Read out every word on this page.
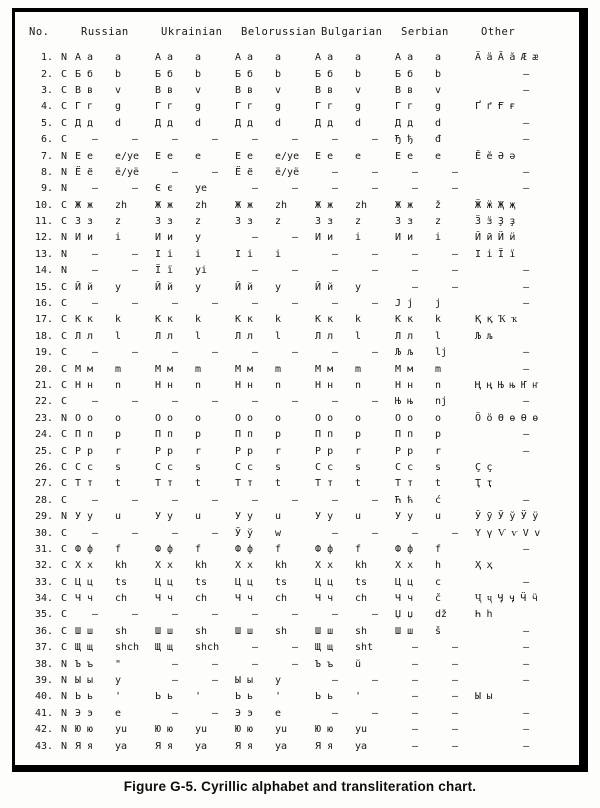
No.		Russian		Ukrainian		Belorussian		Bulgarian		Serbian		Other
1.	N	А а	a	А а	a	А а	a	А а	a	А а	a	Ӓ ӓ Ӑ ӑ Ӕ ӕ
2.	C	Б б	b	Б б	b	Б б	b	Б б	b	Б б	b	–
3.	C	В в	v	В в	v	В в	v	В в	v	В в	v	–
4.	C	Г г	g	Г г	g	Г г	g	Г г	g	Г г	g	Ґ ґ Ғ ғ
5.	C	Д д	d	Д д	d	Д д	d	Д д	d	Д д	d	–
6.	C	–	–	–	–	–	–	–	–	Ђ ђ	đ	–
7.	N	Е е	e/ye	Е е	e	Е е	e/ye	Е е	e	Е е	e	Ӗ ӗ Ә ә
8.	N	Ё ё	ë/yë	–	–	Ё ё	ë/yë	–	–	–	–	–
9.	N	–	–	Є є	ye	–	–	–	–	–	–	–
10.	C	Ж ж	zh	Ж ж	zh	Ж ж	zh	Ж ж	zh	Ж ж	ž	Ӝ ӝ Җ җ
11.	C	З з	z	З з	z	З з	z	З з	z	З з	z	Ӟ ӟ Ҙ ҙ
12.	N	И и	i	И и	y	–	–	И и	i	И и	i	Ӣ ӣ Ӥ ӥ
13.	N	–	–	І і	i	І і	i	–	–	–	–	І і Ї ї
14.	N	–	–	Ї ї	yi	–	–	–	–	–	–	–
15.	C	Й й	y	Й й	y	Й й	y	Й й	y	–	–	–
16.	C	–	–	–	–	–	–	–	–	Ј ј	j	–
17.	C	К к	k	К к	k	К к	k	К к	k	К к	k	Қ қ Ҡ ҡ
18.	C	Л л	l	Л л	l	Л л	l	Л л	l	Л л	l	Љ љ
19.	C	–	–	–	–	–	–	–	–	Љ љ	lj	–
20.	C	М м	m	М м	m	М м	m	М м	m	М м	m	–
21.	C	Н н	n	Н н	n	Н н	n	Н н	n	Н н	n	Ң ң Њ њ Ҥ ҥ
22.	C	–	–	–	–	–	–	–	–	Њ њ	nj	–
23.	N	О о	o	О о	o	О о	o	О о	o	О о	o	Ӧ ӧ Ө ө Ɵ ɵ
24.	C	П п	p	П п	p	П п	p	П п	p	П п	p	–
25.	C	Р р	r	Р р	r	Р р	r	Р р	r	Р р	r	–
26.	C	С с	s	С с	s	С с	s	С с	s	С с	s	Ҫ ҫ
27.	C	Т т	t	Т т	t	Т т	t	Т т	t	Т т	t	Ҭ ҭ
28.	C	–	–	–	–	–	–	–	–	Ћ ћ	ć	–
29.	N	У у	u	У у	u	У у	u	У у	u	У у	u	Ӯ ӯ Ў ў Ӱ ӱ
30.	C	–	–	–	–	Ў ў	w	–	–	–	–	Ү ү Ѵ ѵ V v
31.	C	Ф ф	f	Ф ф	f	Ф ф	f	Ф ф	f	Ф ф	f	–
32.	C	Х х	kh	Х х	kh	Х х	kh	Х х	kh	Х х	h	Ҳ ҳ
33.	C	Ц ц	ts	Ц ц	ts	Ц ц	ts	Ц ц	ts	Ц ц	c	–
34.	C	Ч ч	ch	Ч ч	ch	Ч ч	ch	Ч ч	ch	Ч ч	č	Ҷ ҷ Ӌ ӌ Ӵ ӵ
35.	C	–	–	–	–	–	–	–	–	Џ џ	dž	Һ һ
36.	C	Ш ш	sh	Ш ш	sh	Ш ш	sh	Ш ш	sh	Ш ш	š	–
37.	C	Щ щ	shch	Щ щ	shch	–	–	Щ щ	sht	–	–	–
38.	N	Ъ ъ	"	–	–	–	–	Ъ ъ	ŭ	–	–	–
39.	N	Ы ы	y	–	–	Ы ы	y	–	–	–	–	–
40.	N	Ь ь	'	Ь ь	'	Ь ь	'	Ь ь	'	–	–	Ы ы
41.	N	Э э	e	–	–	Э э	e	–	–	–	–	–
42.	N	Ю ю	yu	Ю ю	yu	Ю ю	yu	Ю ю	yu	–	–	–
43.	N	Я я	ya	Я я	ya	Я я	ya	Я я	ya	–	–	–
Figure G-5. Cyrillic alphabet and transliteration chart.
